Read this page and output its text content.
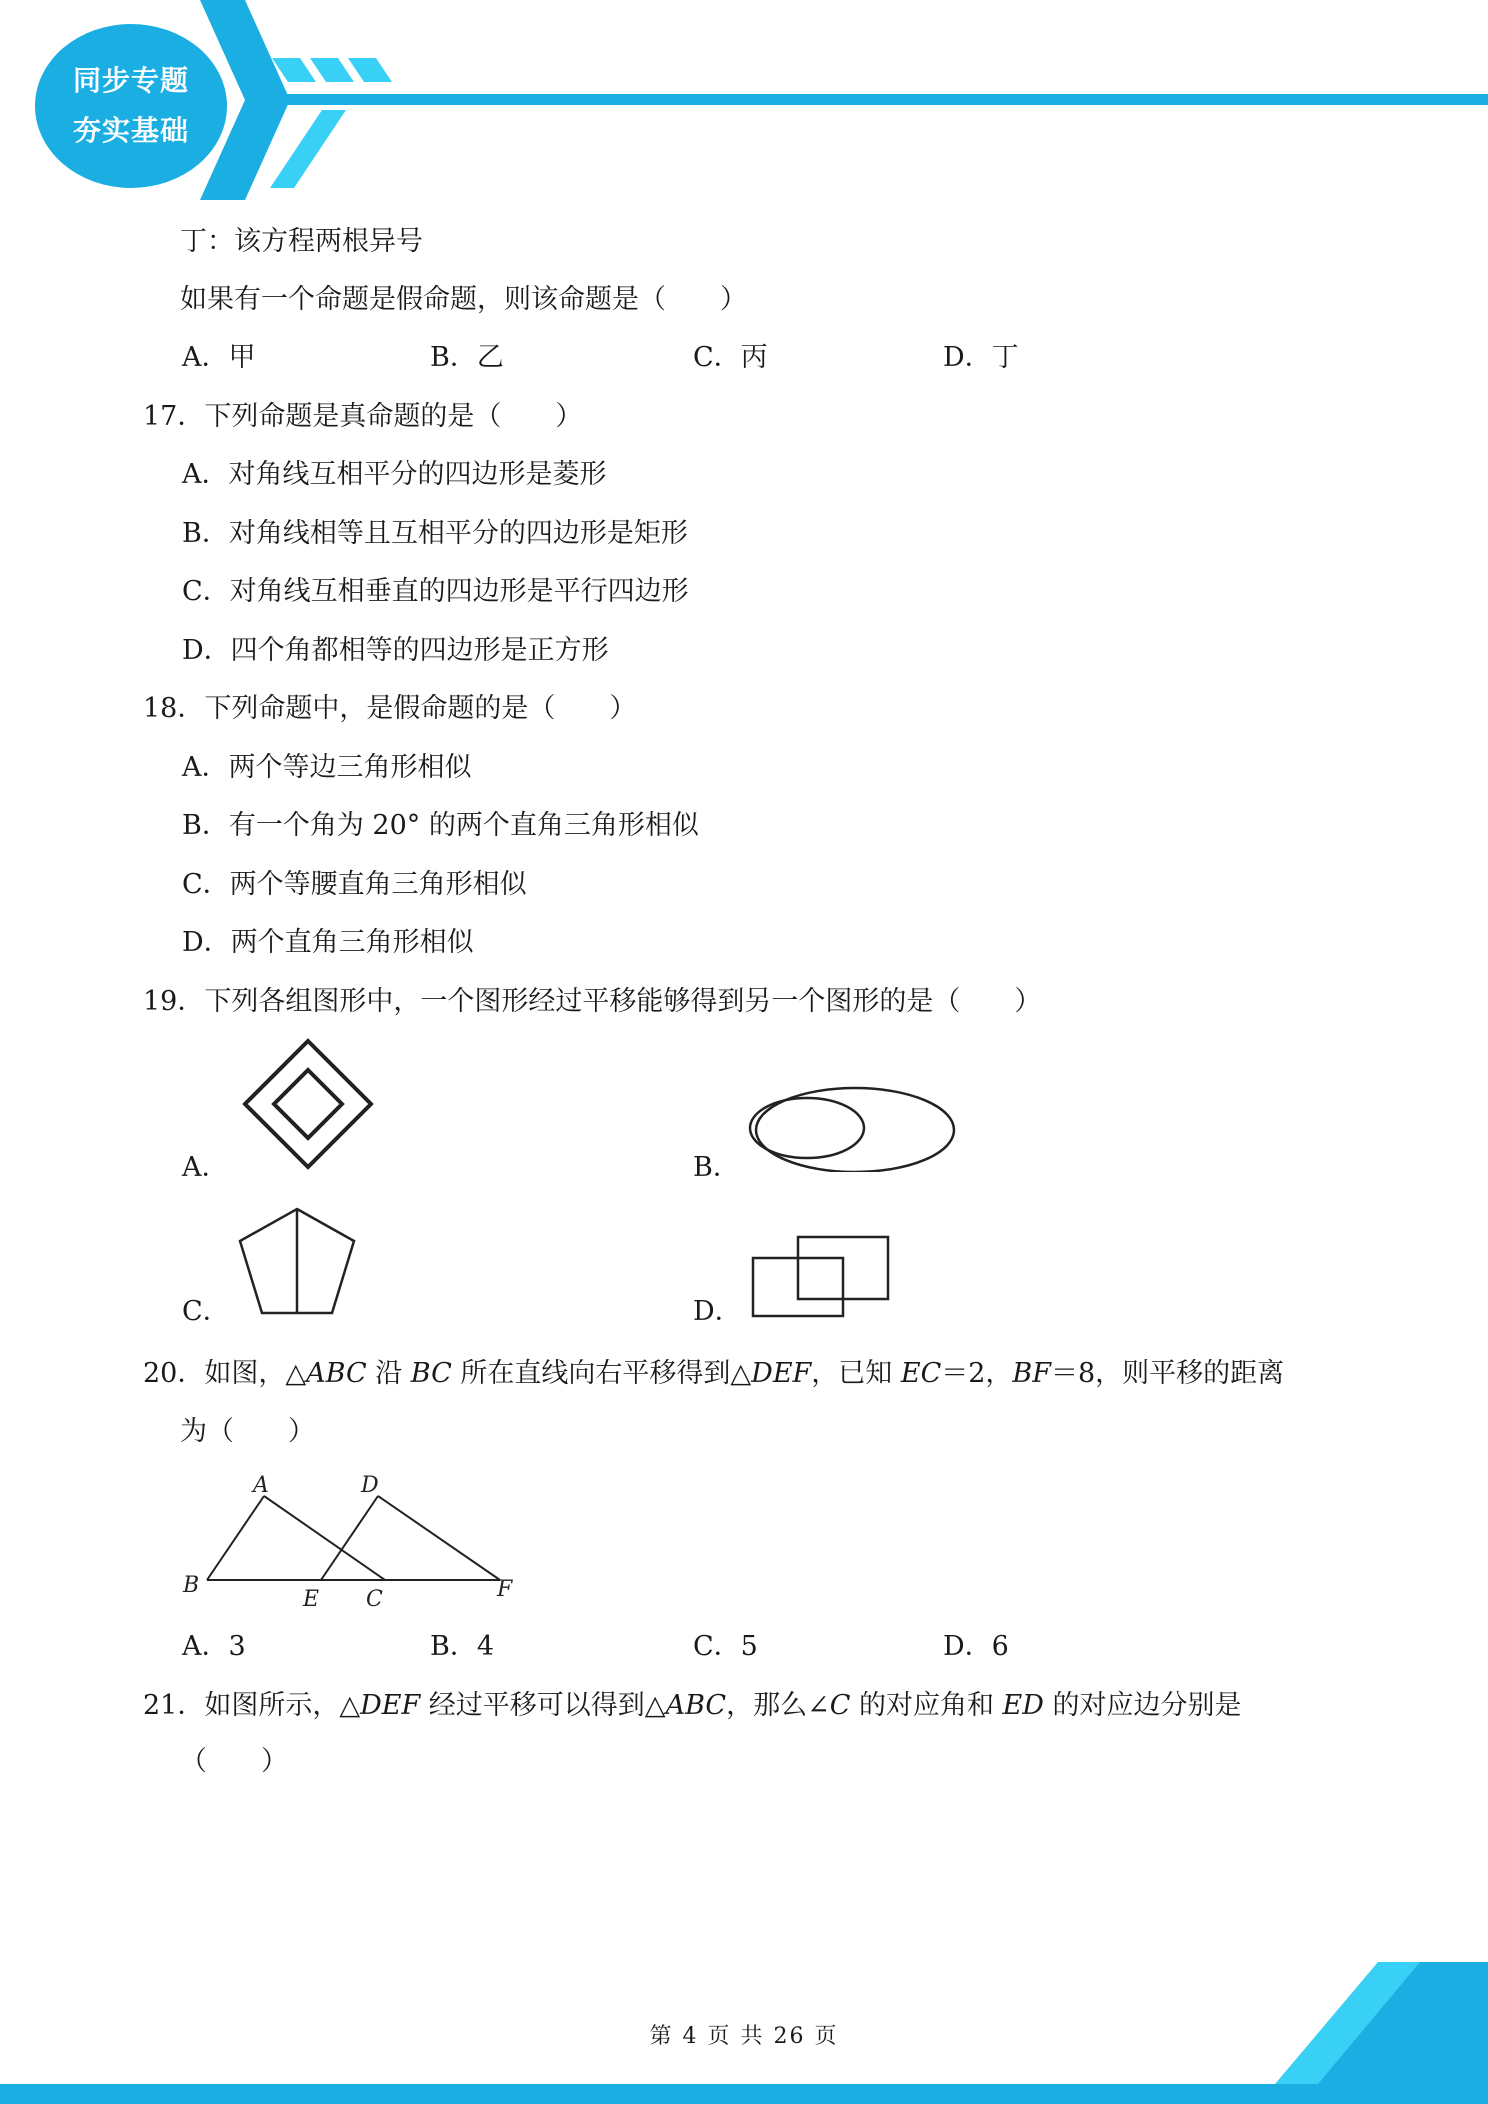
同步专题
夯实基础
丁：该方程两根异号
如果有一个命题是假命题，则该命题是（　　）
A．甲	B．乙	C．丙	D．丁
17．下列命题是真命题的是（　　）
A．对角线互相平分的四边形是菱形
B．对角线相等且互相平分的四边形是矩形
C．对角线互相垂直的四边形是平行四边形
D．四个角都相等的四边形是正方形
18．下列命题中，是假命题的是（　　）
A．两个等边三角形相似
B．有一个角为 20° 的两个直角三角形相似
C．两个等腰直角三角形相似
D．两个直角三角形相似
19．下列各组图形中，一个图形经过平移能够得到另一个图形的是（　　）
A．	B．
C．	D．
20．如图，△ABC 沿 BC 所在直线向右平移得到△DEF，已知 EC＝2，BF＝8，则平移的距离
为（　　）
A	D
B
E C	F
A．3	B．4	C．5	D．6
21．如图所示，△DEF 经过平移可以得到△ABC，那么∠C 的对应角和 ED 的对应边分别是
（　　）
第 4 页 共 26 页
